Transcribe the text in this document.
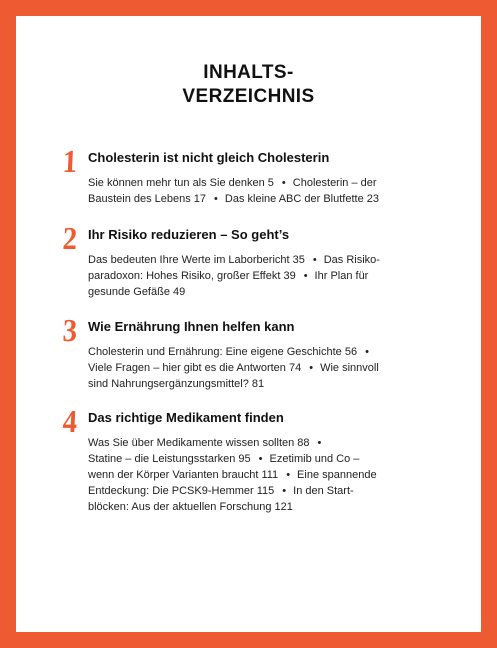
INHALTS-
VERZEICHNIS
1 Cholesterin ist nicht gleich Cholesterin
Sie können mehr tun als Sie denken 5 • Cholesterin – der
Baustein des Lebens 17 • Das kleine ABC der Blutfette 23
2 Ihr Risiko reduzieren – So geht’s
Das bedeuten Ihre Werte im Laborbericht 35 • Das Risiko-
paradoxon: Hohes Risiko, großer Effekt 39 • Ihr Plan für
gesunde Gefäße 49
3 Wie Ernährung Ihnen helfen kann
Cholesterin und Ernährung: Eine eigene Geschichte 56 •
Viele Fragen – hier gibt es die Antworten 74 • Wie sinnvoll
sind Nahrungsergänzungsmittel? 81
4 Das richtige Medikament finden
Was Sie über Medikamente wissen sollten 88 •
Statine – die Leistungsstarken 95 • Ezetimib und Co –
wenn der Körper Varianten braucht 111 • Eine spannende
Entdeckung: Die PCSK9-Hemmer 115 • In den Start-
blöcken: Aus der aktuellen Forschung 121
